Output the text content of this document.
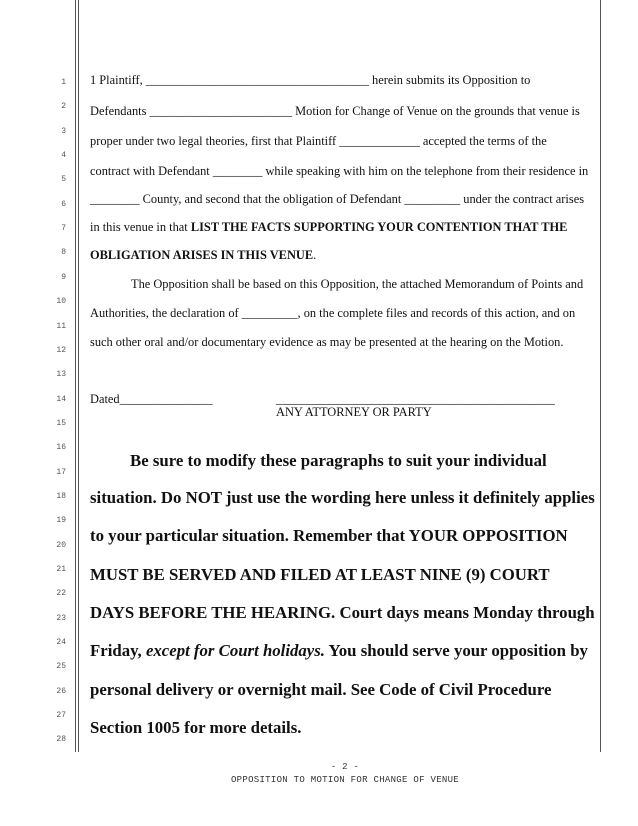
1
2
3
4
5
6
7
8
9
10
11
12
13
14
15
16
17
18
19
20
21
22
23
24
25
26
27
28
1 Plaintiff, ____________________________________ herein submits its Opposition to
Defendants _______________________ Motion for Change of Venue on the grounds that venue is
proper under two legal theories, first that Plaintiff _____________ accepted the terms of the
contract with Defendant ________ while speaking with him on the telephone from their residence in
________ County, and second that the obligation of Defendant _________ under the contract arises
in this venue in that LIST THE FACTS SUPPORTING YOUR CONTENTION THAT THE
OBLIGATION ARISES IN THIS VENUE.
The Opposition shall be based on this Opposition, the attached Memorandum of Points and
Authorities, the declaration of _________, on the complete files and records of this action, and on
such other oral and/or documentary evidence as may be presented at the hearing on the Motion.
Dated_______________	_____________________________________________
ANY ATTORNEY OR PARTY
Be sure to modify these paragraphs to suit your individual
situation. Do NOT just use the wording here unless it definitely applies
to your particular situation. Remember that YOUR OPPOSITION
MUST BE SERVED AND FILED AT LEAST NINE (9) COURT
DAYS BEFORE THE HEARING. Court days means Monday through
Friday, except for Court holidays. You should serve your opposition by
personal delivery or overnight mail. See Code of Civil Procedure
Section 1005 for more details.
- 2 -
OPPOSITION TO MOTION FOR CHANGE OF VENUE
